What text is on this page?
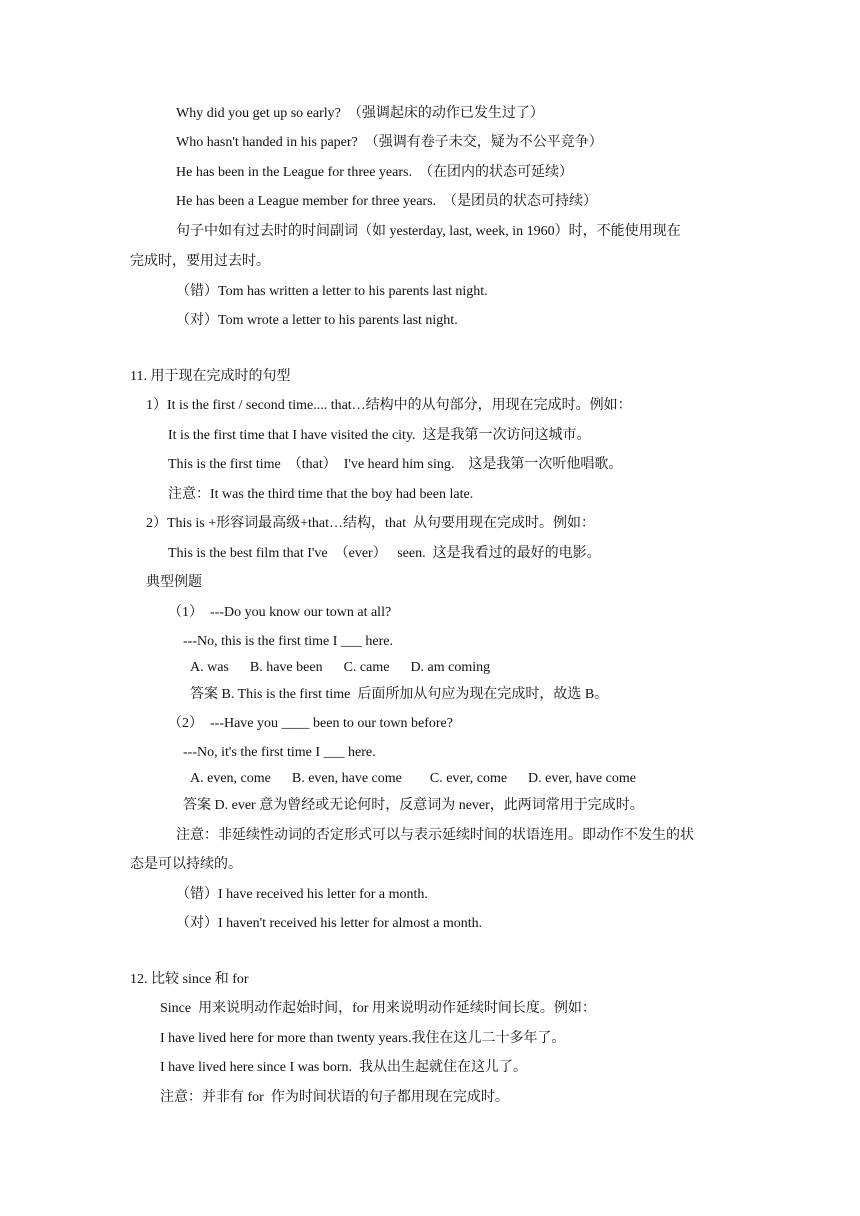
Why did you get up so early?  （强调起床的动作已发生过了）
Who hasn't handed in his paper?  （强调有卷子未交，疑为不公平竞争）
He has been in the League for three years.  （在团内的状态可延续）
He has been a League member for three years.  （是团员的状态可持续）
句子中如有过去时的时间副词（如 yesterday, last, week, in 1960）时，不能使用现在
完成时，要用过去时。
（错）Tom has written a letter to his parents last night.
（对）Tom wrote a letter to his parents last night.
11. 用于现在完成时的句型
1）It is the first / second time.... that…结构中的从句部分，用现在完成时。例如：
It is the first time that I have visited the city.  这是我第一次访问这城市。
This is the first time  （that）  I've heard him sing.    这是我第一次听他唱歌。
注意：It was the third time that the boy had been late.
2）This is +形容词最高级+that…结构，that  从句要用现在完成时。例如：
This is the best film that I've  （ever）   seen.  这是我看过的最好的电影。
典型例题
（1）  ---Do you know our town at all?
---No, this is the first time I ___ here.
A. was      B. have been      C. came      D. am coming
答案 B. This is the first time  后面所加从句应为现在完成时，故选 B。
（2）  ---Have you ____ been to our town before?
---No, it's the first time I ___ here.
A. even, come      B. even, have come        C. ever, come      D. ever, have come
答案 D. ever 意为曾经或无论何时，反意词为 never，此两词常用于完成时。
注意：非延续性动词的否定形式可以与表示延续时间的状语连用。即动作不发生的状
态是可以持续的。
（错）I have received his letter for a month.
（对）I haven't received his letter for almost a month.
12. 比较 since 和 for
Since  用来说明动作起始时间，for 用来说明动作延续时间长度。例如：
I have lived here for more than twenty years.我住在这儿二十多年了。
I have lived here since I was born.  我从出生起就住在这儿了。
注意：并非有 for  作为时间状语的句子都用现在完成时。
